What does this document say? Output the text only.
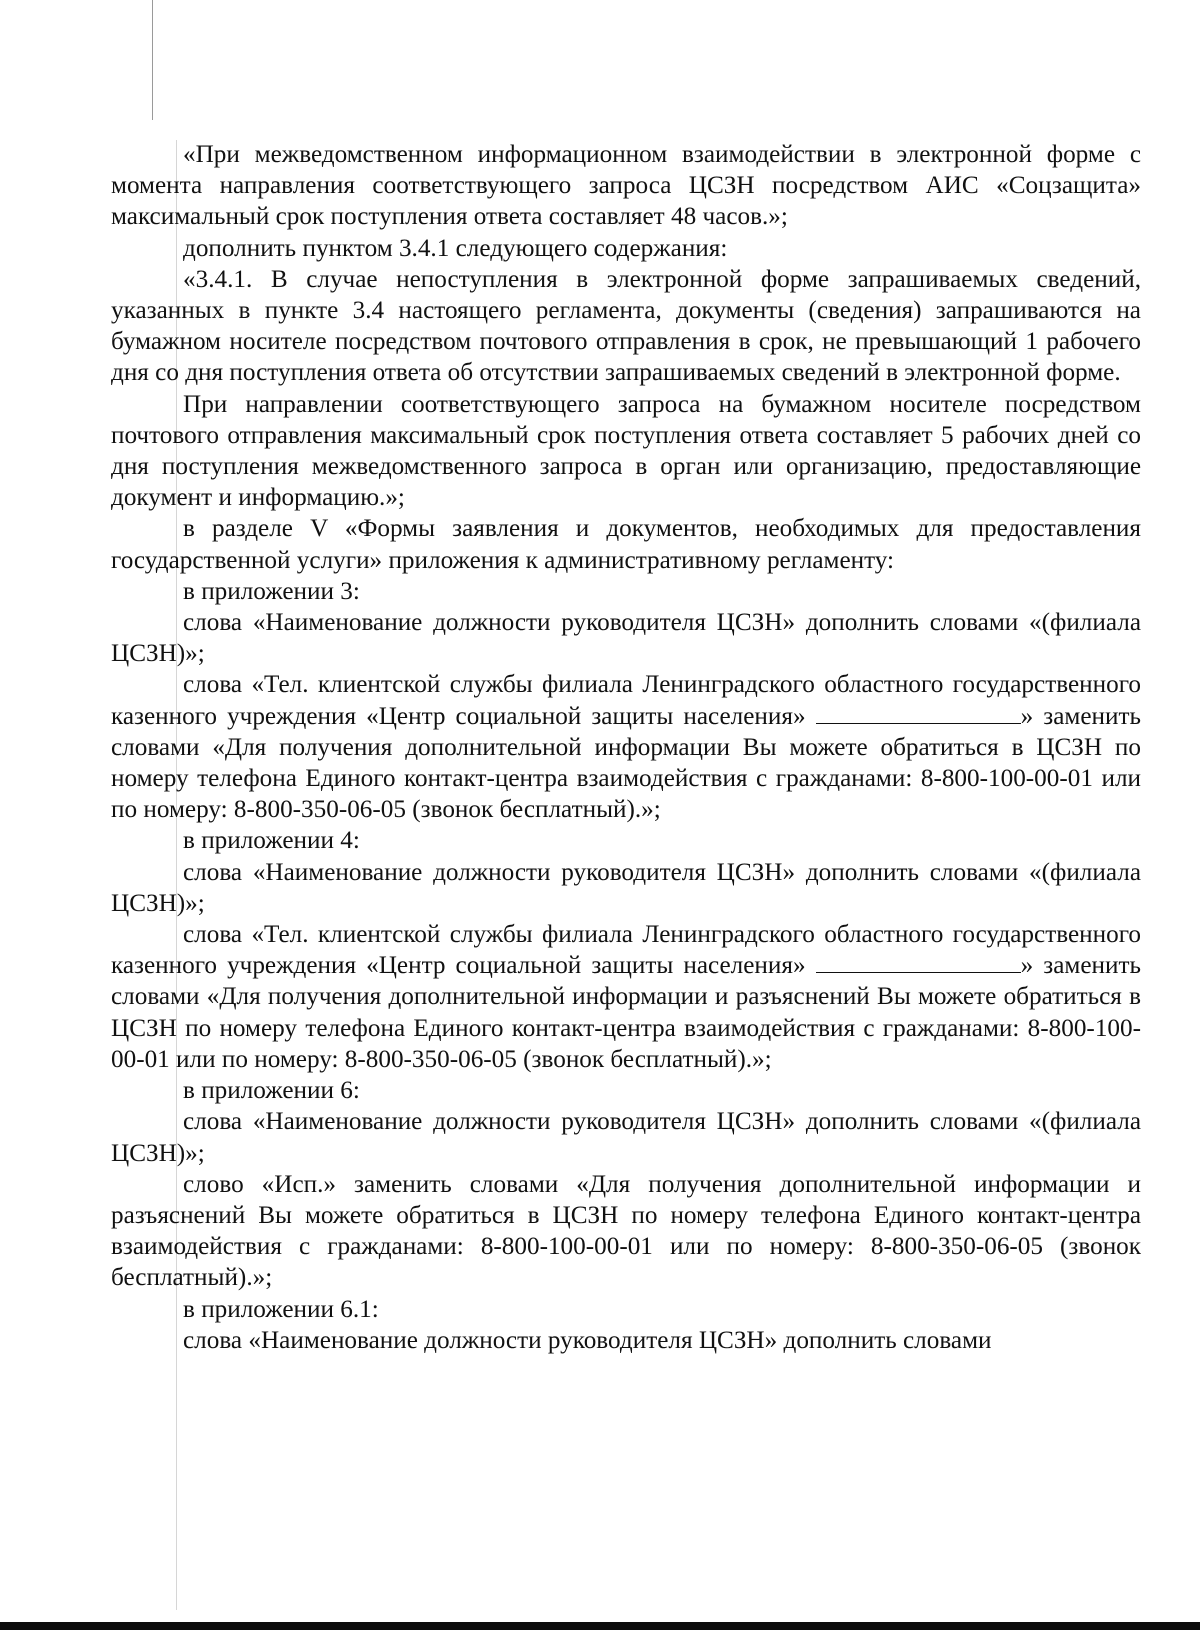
«При межведомственном информационном взаимодействии в электронной форме с момента направления соответствующего запроса ЦСЗН посредством АИС «Соцзащита» максимальный срок поступления ответа составляет 48 часов.»;

дополнить пунктом 3.4.1 следующего содержания:

«3.4.1. В случае непоступления в электронной форме запрашиваемых сведений, указанных в пункте 3.4 настоящего регламента, документы (сведения) запрашиваются на бумажном носителе посредством почтового отправления в срок, не превышающий 1 рабочего дня со дня поступления ответа об отсутствии запрашиваемых сведений в электронной форме.

При направлении соответствующего запроса на бумажном носителе посредством почтового отправления максимальный срок поступления ответа составляет 5 рабочих дней со дня поступления межведомственного запроса в орган или организацию, предоставляющие документ и информацию.»;

в разделе V «Формы заявления и документов, необходимых для предоставления государственной услуги» приложения к административному регламенту:

в приложении 3:

слова «Наименование должности руководителя ЦСЗН» дополнить словами «(филиала ЦСЗН)»;

слова «Тел. клиентской службы филиала Ленинградского областного государственного казенного учреждения «Центр социальной защиты населения»	» заменить словами «Для получения дополнительной информации Вы можете обратиться в ЦСЗН по номеру телефона Единого контакт-центра взаимодействия с гражданами: 8-800-100-00-01 или по номеру: 8-800-350-06-05 (звонок бесплатный).»;

в приложении 4:

слова «Наименование должности руководителя ЦСЗН» дополнить словами «(филиала ЦСЗН)»;

слова «Тел. клиентской службы филиала Ленинградского областного государственного казенного учреждения «Центр социальной защиты населения»	» заменить словами «Для получения дополнительной информации и разъяснений Вы можете обратиться в ЦСЗН по номеру телефона Единого контакт-центра взаимодействия с гражданами: 8-800-100-00-01 или по номеру: 8-800-350-06-05 (звонок бесплатный).»;

в приложении 6:

слова «Наименование должности руководителя ЦСЗН» дополнить словами «(филиала ЦСЗН)»;

слово «Исп.» заменить словами «Для получения дополнительной информации и разъяснений Вы можете обратиться в ЦСЗН по номеру телефона Единого контакт-центра взаимодействия с гражданами: 8-800-100-00-01 или по номеру: 8-800-350-06-05 (звонок бесплатный).»;

в приложении 6.1:

слова «Наименование должности руководителя ЦСЗН» дополнить словами
